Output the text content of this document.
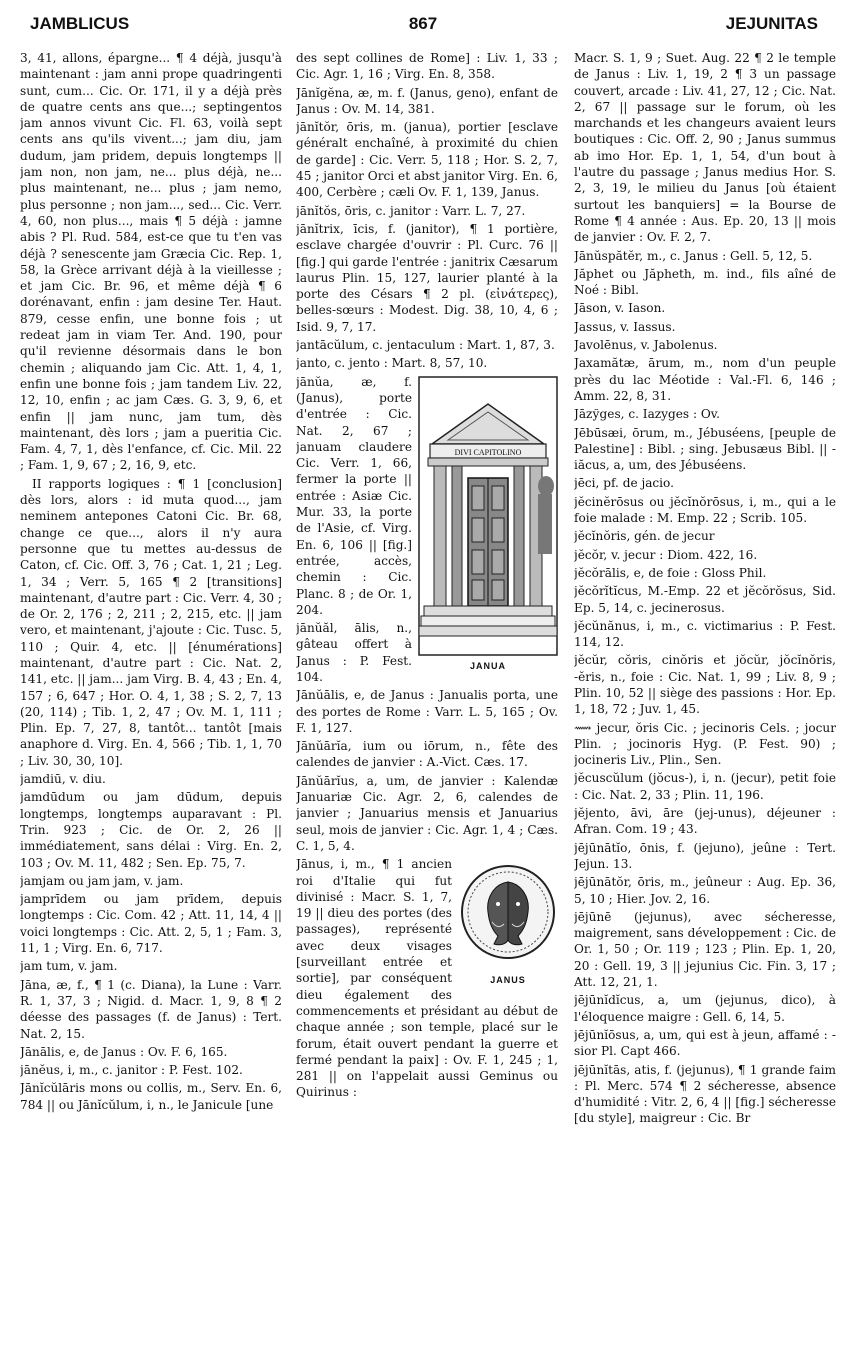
JAMBLICUS	867	JEJUNITAS

3, 41, allons, épargne... ¶ 4 déjà, jusqu'à maintenant : jam anni prope quadringenti sunt, cum... Cic. Or. 171, il y a déjà près de quatre cents ans que...; septingentos jam annos vivunt Cic. Fl. 63, voilà sept cents ans qu'ils vivent...; jam diu, jam dudum, jam pridem, depuis longtemps || jam non, non jam, ne... plus déjà, ne... plus maintenant, ne... plus ; jam nemo, plus personne ; non jam..., sed... Cic. Verr. 4, 60, non plus..., mais ¶ 5 déjà : jamne abis ? Pl. Rud. 584, est-ce que tu t'en vas déjà ? senescente jam Græcia Cic. Rep. 1, 58, la Grèce arrivant déjà à la vieillesse ; et jam Cic. Br. 96, et même déjà ¶ 6 dorénavant, enfin : jam desine Ter. Haut. 879, cesse enfin, une bonne fois ; ut redeat jam in viam Ter. And. 190, pour qu'il revienne désormais dans le bon chemin ; aliquando jam Cic. Att. 1, 4, 1, enfin une bonne fois ; jam tandem Liv. 22, 12, 10, enfin ; ac jam Cæs. G. 3, 9, 6, et enfin || jam nunc, jam tum, dès maintenant, dès lors ; jam a pueritia Cic. Fam. 4, 7, 1, dès l'enfance, cf. Cic. Mil. 22 ; Fam. 1, 9, 67 ; 2, 16, 9, etc.

II rapports logiques : ¶ 1 [conclusion] dès lors, alors : id muta quod..., jam neminem antepones Catoni Cic. Br. 68, change ce que..., alors il n'y aura personne que tu mettes au-dessus de Caton, cf. Cic. Off. 3, 76 ; Cat. 1, 21 ; Leg. 1, 34 ; Verr. 5, 165 ¶ 2 [transitions] maintenant, d'autre part : Cic. Verr. 4, 30 ; de Or. 2, 176 ; 2, 211 ; 2, 215, etc. || jam vero, et maintenant, j'ajoute : Cic. Tusc. 5, 110 ; Quir. 4, etc. || [énumérations] maintenant, d'autre part : Cic. Nat. 2, 141, etc. || jam... jam Virg. B. 4, 43 ; En. 4, 157 ; 6, 647 ; Hor. O. 4, 1, 38 ; S. 2, 7, 13 (20, 114) ; Tib. 1, 2, 47 ; Ov. M. 1, 111 ; Plin. Ep. 7, 27, 8, tantôt... tantôt [mais anaphore d. Virg. En. 4, 566 ; Tib. 1, 1, 70 ; Liv. 30, 30, 10].

jamdiū, v. diu.

jamdūdum ou jam dūdum, depuis longtemps, longtemps auparavant : Pl. Trin. 923 ; Cic. de Or. 2, 26 || immédiatement, sans délai : Virg. En. 2, 103 ; Ov. M. 11, 482 ; Sen. Ep. 75, 7.

jamjam ou jam jam, v. jam.

jamprīdem ou jam prīdem, depuis longtemps : Cic. Com. 42 ; Att. 11, 14, 4 || voici longtemps : Cic. Att. 2, 5, 1 ; Fam. 3, 11, 1 ; Virg. En. 6, 717.

jam tum, v. jam.

Jāna, æ, f., ¶ 1 (c. Diana), la Lune : Varr. R. 1, 37, 3 ; Nigid. d. Macr. 1, 9, 8 ¶ 2 déesse des passages (f. de Janus) : Tert. Nat. 2, 15.

Jānālis, e, de Janus : Ov. F. 6, 165.

jānĕus, i, m., c. janitor : P. Fest. 102.

Jānĭcŭlāris mons ou collis, m., Serv. En. 6, 784 || ou Jānĭcŭlum, i, n., le Janicule [une

des sept collines de Rome] : Liv. 1, 33 ; Cic. Agr. 1, 16 ; Virg. En. 8, 358.

Jānĭgĕna, æ, m. f. (Janus, geno), enfant de Janus : Ov. M. 14, 381.

jānĭtŏr, ōris, m. (janua), portier [esclave généralt enchaîné, à proximité du chien de garde] : Cic. Verr. 5, 118 ; Hor. S. 2, 7, 45 ; janitor Orci et abst janitor Virg. En. 6, 400, Cerbère ; cæli Ov. F. 1, 139, Janus.

jānĭtŏs, ōris, c. janitor : Varr. L. 7, 27.

jānĭtrix, īcis, f. (janitor), ¶ 1 portière, esclave chargée d'ouvrir : Pl. Curc. 76 || [fig.] qui garde l'entrée : janitrix Cæsarum laurus Plin. 15, 127, laurier planté à la porte des Césars ¶ 2 pl. (εἰνάτερες), belles-sœurs : Modest. Dig. 38, 10, 4, 6 ; Isid. 9, 7, 17.

jantācŭlum, c. jentaculum : Mart. 1, 87, 3.

janto, c. jento : Mart. 8, 57, 10.

DIVI CAPITOLINO
JANUA

jānŭa, æ, f. (Janus), porte d'entrée : Cic. Nat. 2, 67 ; januam claudere Cic. Verr. 1, 66, fermer la porte || entrée : Asiæ Cic. Mur. 33, la porte de l'Asie, cf. Virg. En. 6, 106 || [fig.] entrée, accès, chemin : Cic. Planc. 8 ; de Or. 1, 204.

jānŭăl, ālis, n., gâteau offert à Janus : P. Fest. 104.

Jānŭālis, e, de Janus : Janualis porta, une des portes de Rome : Varr. L. 5, 165 ; Ov. F. 1, 127.

Jānŭārĭa, ium ou iōrum, n., fête des calendes de janvier : A.-Vict. Cæs. 17.

Jānŭārĭus, a, um, de janvier : Kalendæ Januariæ Cic. Agr. 2, 6, calendes de janvier ; Januarius mensis et Januarius seul, mois de janvier : Cic. Agr. 1, 4 ; Cæs. C. 1, 5, 4.

JANUS

Jānus, i, m., ¶ 1 ancien roi d'Italie qui fut divinisé : Macr. S. 1, 7, 19 || dieu des portes (des passages), représenté avec deux visages [surveillant entrée et sortie], par conséquent dieu également des commencements et présidant au début de chaque année ; son temple, placé sur le forum, était ouvert pendant la guerre et fermé pendant la paix] : Ov. F. 1, 245 ; 1, 281 || on l'appelait aussi Geminus ou Quirinus :

Macr. S. 1, 9 ; Suet. Aug. 22 ¶ 2 le temple de Janus : Liv. 1, 19, 2 ¶ 3 un passage couvert, arcade : Liv. 41, 27, 12 ; Cic. Nat. 2, 67 || passage sur le forum, où les marchands et les changeurs avaient leurs boutiques : Cic. Off. 2, 90 ; Janus summus ab imo Hor. Ep. 1, 1, 54, d'un bout à l'autre du passage ; Janus medius Hor. S. 2, 3, 19, le milieu du Janus [où étaient surtout les banquiers] = la Bourse de Rome ¶ 4 année : Aus. Ep. 20, 13 || mois de janvier : Ov. F. 2, 7.

Jānŭspătĕr, m., c. Janus : Gell. 5, 12, 5.

Jăphet ou Jăpheth, m. ind., fils aîné de Noé : Bibl.

Jāson, v. Iason.

Jassus, v. Iassus.

Javolēnus, v. Jabolenus.

Jaxamătæ, ārum, m., nom d'un peuple près du lac Méotide : Val.-Fl. 6, 146 ; Amm. 22, 8, 31.

Jāzўges, c. Iazyges : Ov.

Jēbūsæi, ōrum, m., Jébuséens, [peuple de Palestine] : Bibl. ; sing. Jebusæus Bibl. || -iăcus, a, um, des Jébuséens.

jēci, pf. de jacio.

jĕcinĕrōsus ou jĕcĭnŏrōsus, i, m., qui a le foie malade : M. Emp. 22 ; Scrib. 105.

jĕcĭnŏris, gén. de jecur

jĕcŏr, v. jecur : Diom. 422, 16.

jĕcŏrālis, e, de foie : Gloss Phil.

jĕcŏrĭtĭcus, M.-Emp. 22 et jĕcŏrŏsus, Sid. Ep. 5, 14, c. jecinerosus.

jĕcŭnănus, i, m., c. victimarius : P. Fest. 114, 12.

jĕcŭr, cŏris, cinŏris et jŏcŭr, jŏcĭnŏris, -ĕris, n., foie : Cic. Nat. 1, 99 ; Liv. 8, 9 ; Plin. 10, 52 || siège des passions : Hor. Ep. 1, 18, 72 ; Juv. 1, 45.

⟿ jecur, ŏris Cic. ; jecinoris Cels. ; jocur Plin. ; jocinoris Hyg. (P. Fest. 90) ; jocineris Liv., Plin., Sen.

jĕcuscŭlum (jŏcus-), i, n. (jecur), petit foie : Cic. Nat. 2, 33 ; Plin. 11, 196.

jĕjento, āvi, āre (jej-unus), déjeuner : Afran. Com. 19 ; 43.

jējūnātĭo, ōnis, f. (jejuno), jeûne : Tert. Jejun. 13.

jējūnātŏr, ōris, m., jeûneur : Aug. Ep. 36, 5, 10 ; Hier. Jov. 2, 16.

jējūnē (jejunus), avec sécheresse, maigrement, sans développement : Cic. de Or. 1, 50 ; Or. 119 ; 123 ; Plin. Ep. 1, 20, 20 : Gell. 19, 3 || jejunius Cic. Fin. 3, 17 ; Att. 12, 21, 1.

jējūnĭdĭcus, a, um (jejunus, dico), à l'éloquence maigre : Gell. 6, 14, 5.

jējūnĭōsus, a, um, qui est à jeun, affamé : -sior Pl. Capt 466.

jējūnĭtās, atis, f. (jejunus), ¶ 1 grande faim : Pl. Merc. 574 ¶ 2 sécheresse, absence d'humidité : Vitr. 2, 6, 4 || [fig.] sécheresse [du style], maigreur : Cic. Br
